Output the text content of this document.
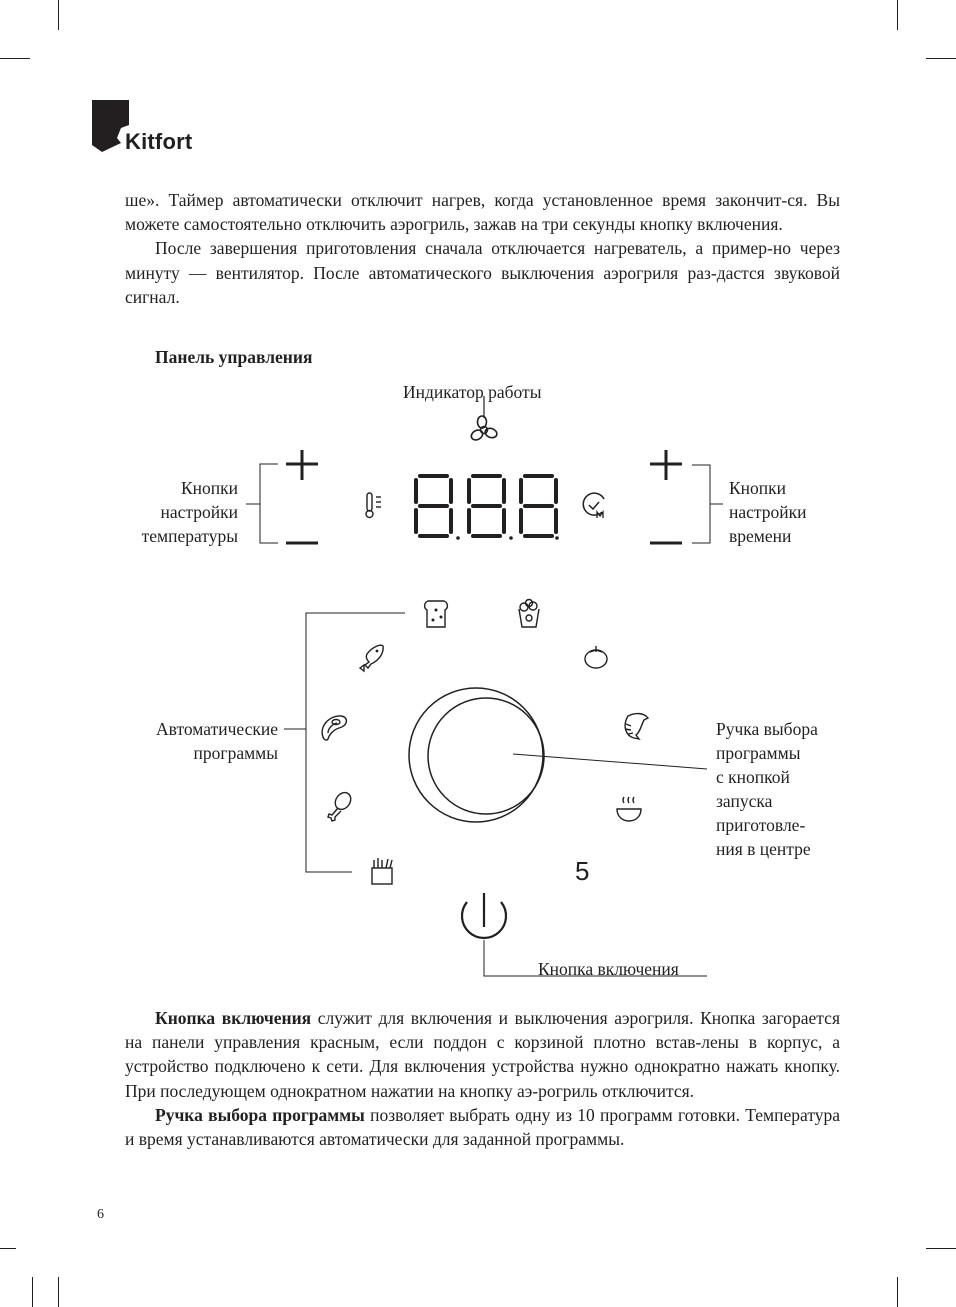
Kitfort

ше». Таймер автоматически отключит нагрев, когда установленное время закончит-ся. Вы можете самостоятельно отключить аэрогриль, зажав на три секунды кнопку включения.

После завершения приготовления сначала отключается нагреватель, а пример-но через минуту — вентилятор. После автоматического выключения аэрогриля раз-дастся звуковой сигнал.

Панель управления
Индикатор работы
Кнопки
настройки
температуры
Кнопки
настройки
времени
Автоматические
программы
Ручка выбора
программы
с кнопкой
запуска
приготовле-
ния в центре
5
Кнопка включения

Кнопка включения служит для включения и выключения аэрогриля. Кнопка загорается на панели управления красным, если поддон с корзиной плотно встав-лены в корпус, а устройство подключено к сети. Для включения устройства нужно однократно нажать кнопку. При последующем однократном нажатии на кнопку аэ-рогриль отключится.

Ручка выбора программы позволяет выбрать одну из 10 программ готовки. Температура и время устанавливаются автоматически для заданной программы.

6
